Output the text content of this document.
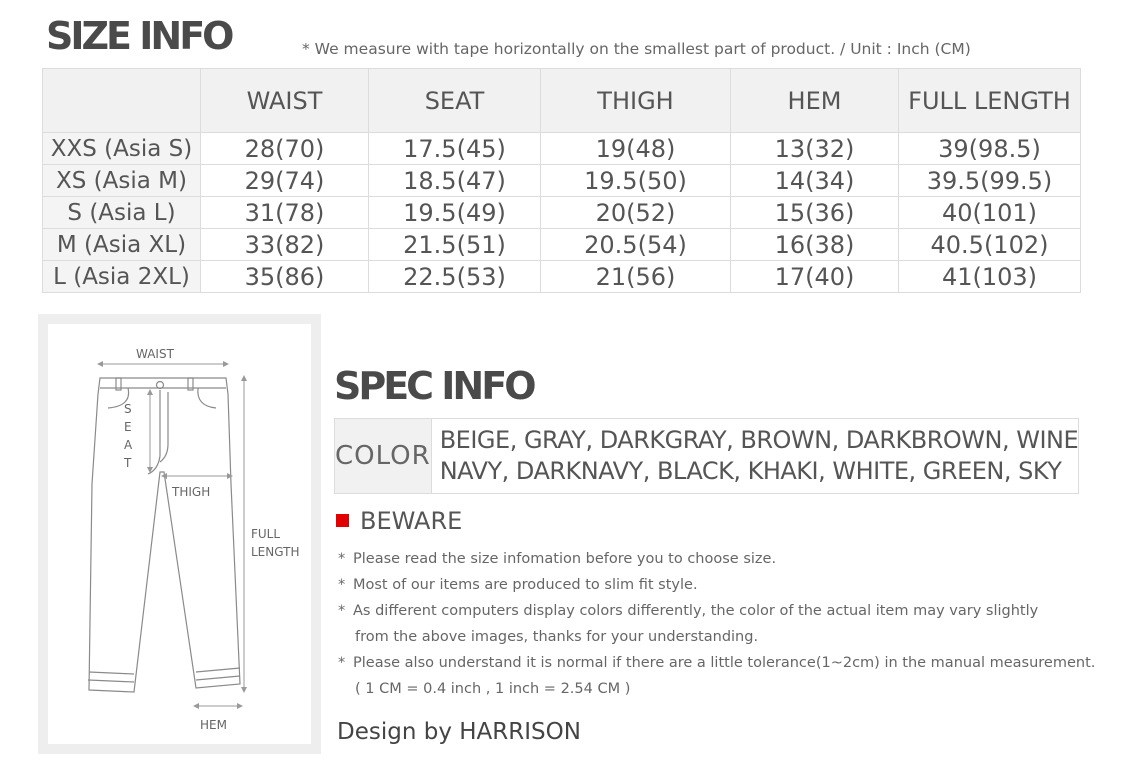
SIZE INFO	* We measure with tape horizontally on the smallest part of product. / Unit : Inch (CM)
	WAIST	SEAT	THIGH	HEM	FULL LENGTH
XXS (Asia S)	28(70)	17.5(45)	19(48)	13(32)	39(98.5)
XS (Asia M)	29(74)	18.5(47)	19.5(50)	14(34)	39.5(99.5)
S (Asia L)	31(78)	19.5(49)	20(52)	15(36)	40(101)
M (Asia XL)	33(82)	21.5(51)	20.5(54)	16(38)	40.5(102)
L (Asia 2XL)	35(86)	22.5(53)	21(56)	17(40)	41(103)
WAIST
S
E
A
T
THIGH
FULL
LENGTH
HEM
SPEC INFO
COLOR	
BEIGE, GRAY, DARKGRAY, BROWN, DARKBROWN, WINE
NAVY, DARKNAVY, BLACK, KHAKI, WHITE, GREEN, SKY
BEWARE
* Please read the size infomation before you to choose size.
* Most of our items are produced to slim fit style.
* As different computers display colors differently, the color of the actual item may vary slightly
from the above images, thanks for your understanding.
* Please also understand it is normal if there are a little tolerance(1~2cm) in the manual measurement.
( 1 CM = 0.4 inch , 1 inch = 2.54 CM )
Design by HARRISON
